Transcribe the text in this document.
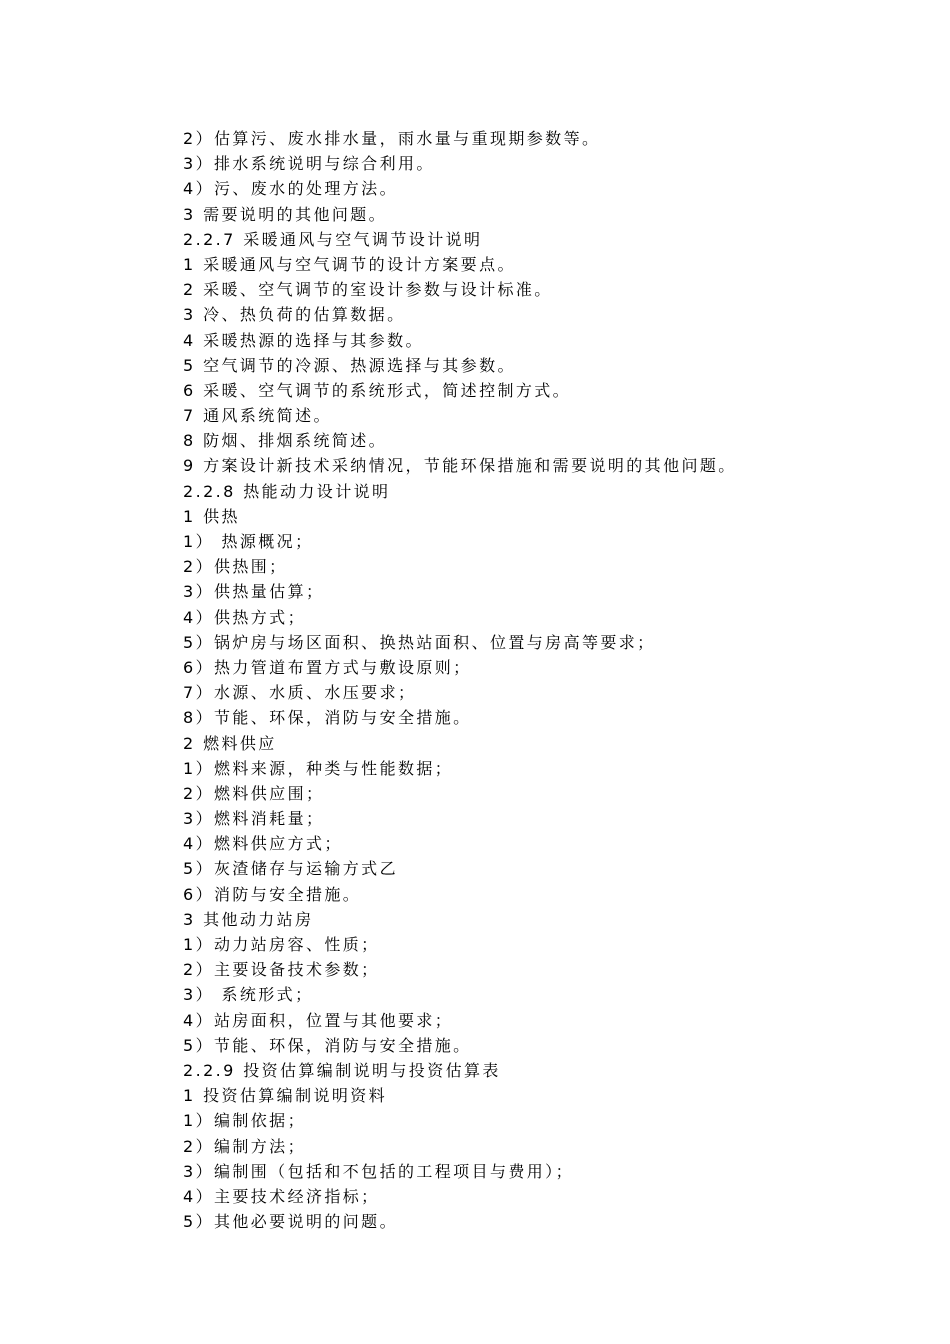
2）估算污、废水排水量，雨水量与重现期参数等。
3）排水系统说明与综合利用。
4）污、废水的处理方法。
3 需要说明的其他问题。
2.2.7 采暖通风与空气调节设计说明
1 采暖通风与空气调节的设计方案要点。
2 采暖、空气调节的室设计参数与设计标准。
3 冷、热负荷的估算数据。
4 采暖热源的选择与其参数。
5 空气调节的冷源、热源选择与其参数。
6 采暖、空气调节的系统形式，简述控制方式。
7 通风系统简述。
8 防烟、排烟系统简述。
9 方案设计新技术采纳情况，节能环保措施和需要说明的其他问题。
2.2.8 热能动力设计说明
1 供热
1） 热源概况；
2）供热围；
3）供热量估算；
4）供热方式；
5）锅炉房与场区面积、换热站面积、位置与房高等要求；
6）热力管道布置方式与敷设原则；
7）水源、水质、水压要求；
8）节能、环保，消防与安全措施。
2 燃料供应
1）燃料来源，种类与性能数据；
2）燃料供应围；
3）燃料消耗量；
4）燃料供应方式；
5）灰渣储存与运输方式乙
6）消防与安全措施。
3 其他动力站房
1）动力站房容、性质；
2）主要设备技术参数；
3） 系统形式；
4）站房面积，位置与其他要求；
5）节能、环保，消防与安全措施。
2.2.9 投资估算编制说明与投资估算表
1 投资估算编制说明资料
1）编制依据；
2）编制方法；
3）编制围（包括和不包括的工程项目与费用）；
4）主要技术经济指标；
5）其他必要说明的问题。
